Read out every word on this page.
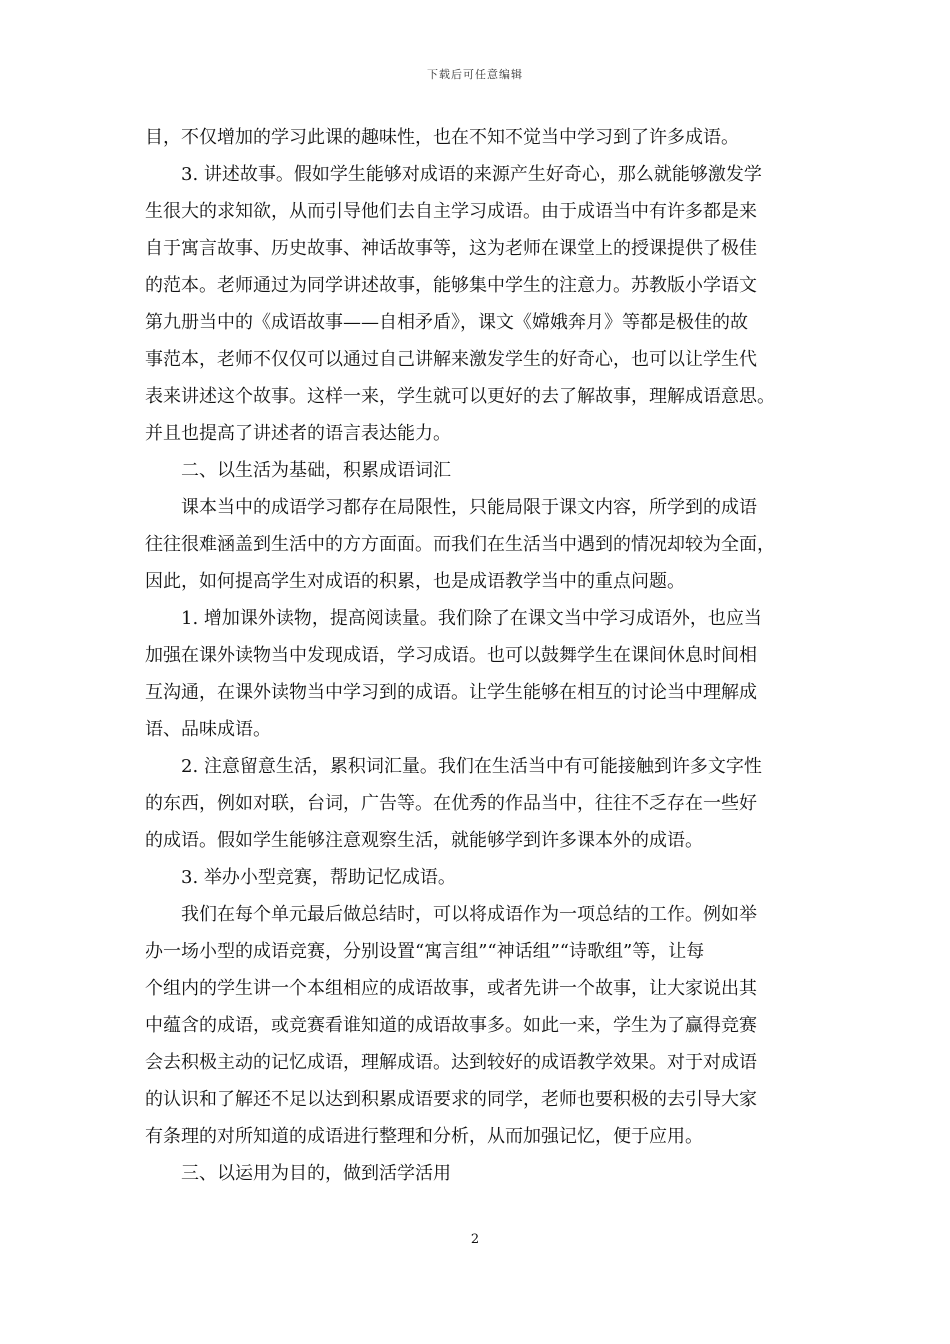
下载后可任意编辑
目，不仅增加的学习此课的趣味性，也在不知不觉当中学习到了许多成语。
　　3. 讲述故事。假如学生能够对成语的来源产生好奇心，那么就能够激发学
生很大的求知欲，从而引导他们去自主学习成语。由于成语当中有许多都是来
自于寓言故事、历史故事、神话故事等，这为老师在课堂上的授课提供了极佳
的范本。老师通过为同学讲述故事，能够集中学生的注意力。苏教版小学语文
第九册当中的《成语故事——自相矛盾》，课文《嫦娥奔月》等都是极佳的故
事范本，老师不仅仅可以通过自己讲解来激发学生的好奇心，也可以让学生代
表来讲述这个故事。这样一来，学生就可以更好的去了解故事，理解成语意思。
并且也提高了讲述者的语言表达能力。
　　二、以生活为基础，积累成语词汇
　　课本当中的成语学习都存在局限性，只能局限于课文内容，所学到的成语
往往很难涵盖到生活中的方方面面。而我们在生活当中遇到的情况却较为全面，
因此，如何提高学生对成语的积累，也是成语教学当中的重点问题。
　　1. 增加课外读物，提高阅读量。我们除了在课文当中学习成语外，也应当
加强在课外读物当中发现成语，学习成语。也可以鼓舞学生在课间休息时间相
互沟通，在课外读物当中学习到的成语。让学生能够在相互的讨论当中理解成
语、品味成语。
　　2. 注意留意生活，累积词汇量。我们在生活当中有可能接触到许多文字性
的东西，例如对联，台词，广告等。在优秀的作品当中，往往不乏存在一些好
的成语。假如学生能够注意观察生活，就能够学到许多课本外的成语。
　　3. 举办小型竞赛，帮助记忆成语。
　　我们在每个单元最后做总结时，可以将成语作为一项总结的工作。例如举
办一场小型的成语竞赛，分别设置“寓言组”“神话组”“诗歌组”等，让每
个组内的学生讲一个本组相应的成语故事，或者先讲一个故事，让大家说出其
中蕴含的成语，或竞赛看谁知道的成语故事多。如此一来，学生为了赢得竞赛
会去积极主动的记忆成语，理解成语。达到较好的成语教学效果。对于对成语
的认识和了解还不足以达到积累成语要求的同学，老师也要积极的去引导大家
有条理的对所知道的成语进行整理和分析，从而加强记忆，便于应用。
　　三、以运用为目的，做到活学活用
2
